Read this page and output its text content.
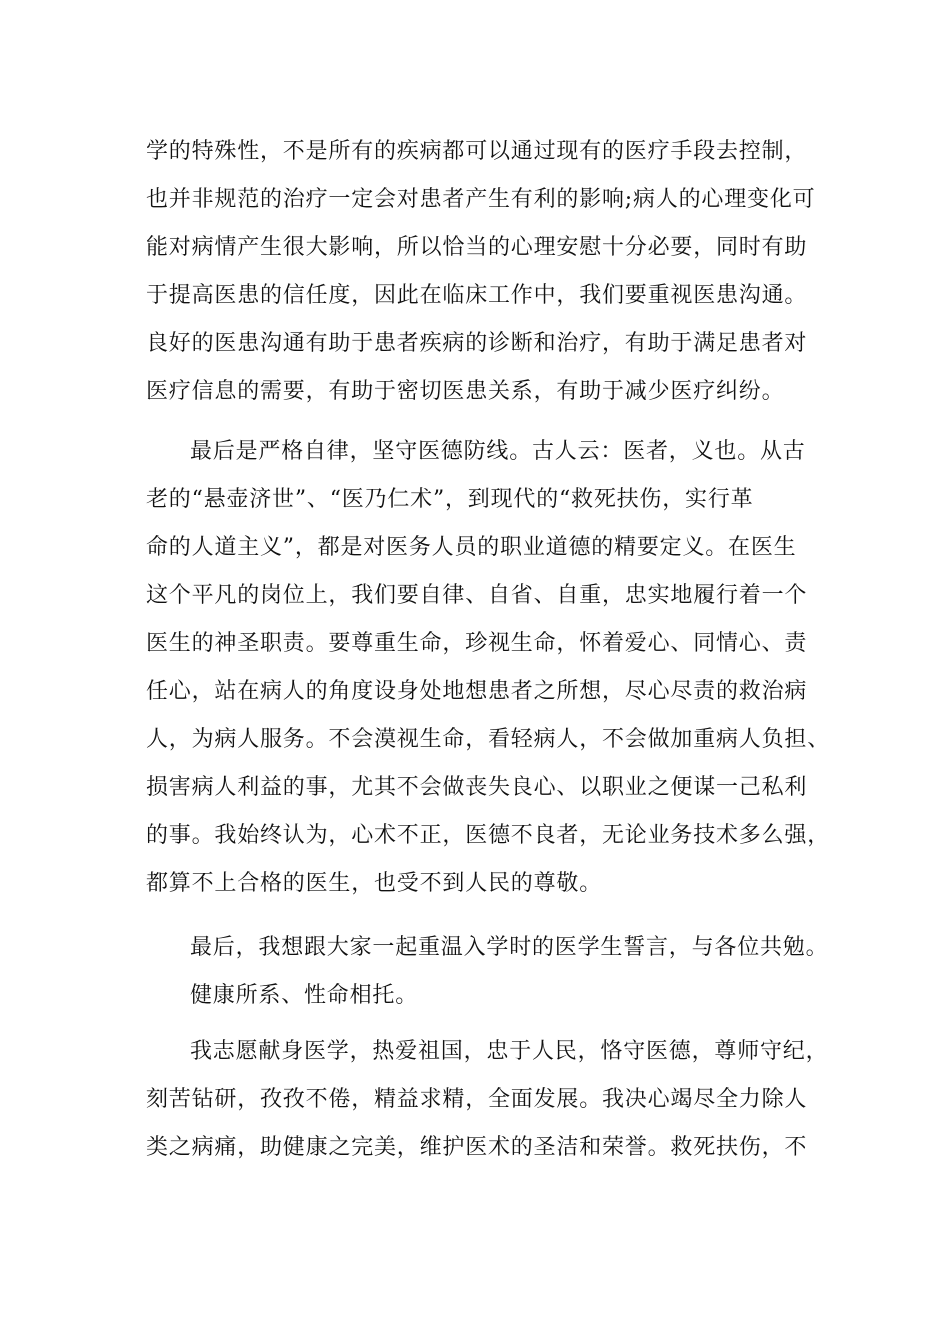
学的特殊性，不是所有的疾病都可以通过现有的医疗手段去控制，
也并非规范的治疗一定会对患者产生有利的影响;病人的心理变化可
能对病情产生很大影响，所以恰当的心理安慰十分必要，同时有助
于提高医患的信任度，因此在临床工作中，我们要重视医患沟通。
良好的医患沟通有助于患者疾病的诊断和治疗，有助于满足患者对
医疗信息的需要，有助于密切医患关系，有助于减少医疗纠纷。
最后是严格自律，坚守医德防线。古人云：医者，义也。从古
老的“悬壶济世”、“医乃仁术”，到现代的“救死扶伤，实行革
命的人道主义”，都是对医务人员的职业道德的精要定义。在医生
这个平凡的岗位上，我们要自律、自省、自重，忠实地履行着一个
医生的神圣职责。要尊重生命，珍视生命，怀着爱心、同情心、责
任心，站在病人的角度设身处地想患者之所想，尽心尽责的救治病
人，为病人服务。不会漠视生命，看轻病人，不会做加重病人负担、
损害病人利益的事，尤其不会做丧失良心、以职业之便谋一己私利
的事。我始终认为，心术不正，医德不良者，无论业务技术多么强，
都算不上合格的医生，也受不到人民的尊敬。
最后，我想跟大家一起重温入学时的医学生誓言，与各位共勉。
健康所系、性命相托。
我志愿献身医学，热爱祖国，忠于人民，恪守医德，尊师守纪，
刻苦钻研，孜孜不倦，精益求精，全面发展。我决心竭尽全力除人
类之病痛，助健康之完美，维护医术的圣洁和荣誉。救死扶伤，不
